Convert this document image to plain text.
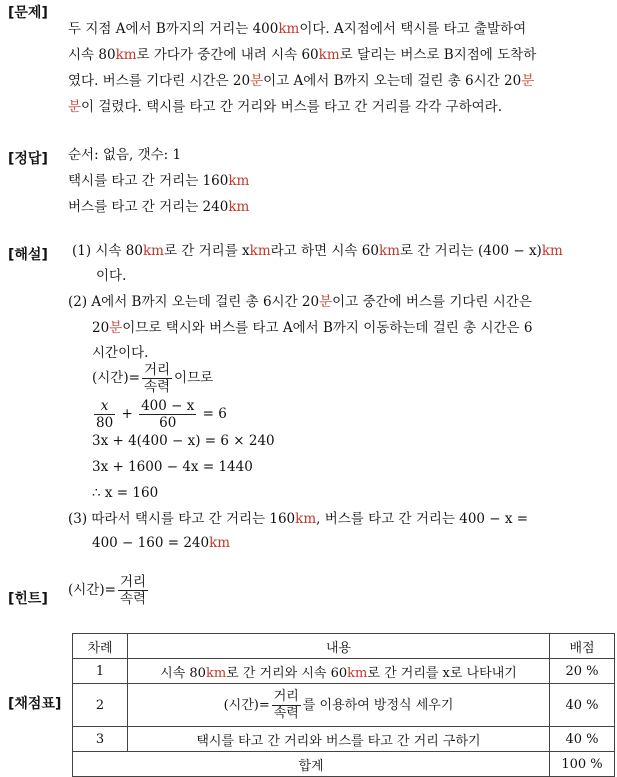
[문제]
[정답]
[해설]
[힌트]
[채점표]
두 지점 A에서 B까지의 거리는 400km이다. A지점에서 택시를 타고 출발하여
시속 80km로 가다가 중간에 내려 시속 60km로 달리는 버스로 B지점에 도착하
였다. 버스를 기다린 시간은 20분이고 A에서 B까지 오는데 걸린 총 6시간 20분
분이 걸렸다. 택시를 타고 간 거리와 버스를 타고 간 거리를 각각 구하여라.
순서: 없음, 갯수: 1
택시를 타고 간 거리는 160km
버스를 타고 간 거리는 240km
(1) 시속 80km로 간 거리를 xkm라고 하면 시속 60km로 간 거리는 (400 − x)km
이다.
(2) A에서 B까지 오는데 걸린 총 6시간 20분이고 중간에 버스를 기다린 시간은
20분이므로 택시와 버스를 타고 A에서 B까지 이동하는데 걸린 총 시간은 6
시간이다.
(시간)= $\frac{\text{거리}}{\text{속력}}$ 이므로
$\frac{x}{80} + \frac{400 - x}{60} = 6$
3x + 4(400 − x) = 6 × 240
3x + 1600 − 4x = 1440
∴ x = 160
(3) 따라서 택시를 타고 간 거리는 160km, 버스를 타고 간 거리는 400 − x =
400 − 160 = 240km
(시간)= $\frac{\text{거리}}{\text{속력}}$
차례	내용	배점
1	시속 80km로 간 거리와 시속 60km로 간 거리를 x로 나타내기	20 %
2	(시간)= $\frac{\text{거리}}{\text{속력}}$ 를 이용하여 방정식 세우기	40 %
3	택시를 타고 간 거리와 버스를 타고 간 거리 구하기	40 %
합계		100 %
